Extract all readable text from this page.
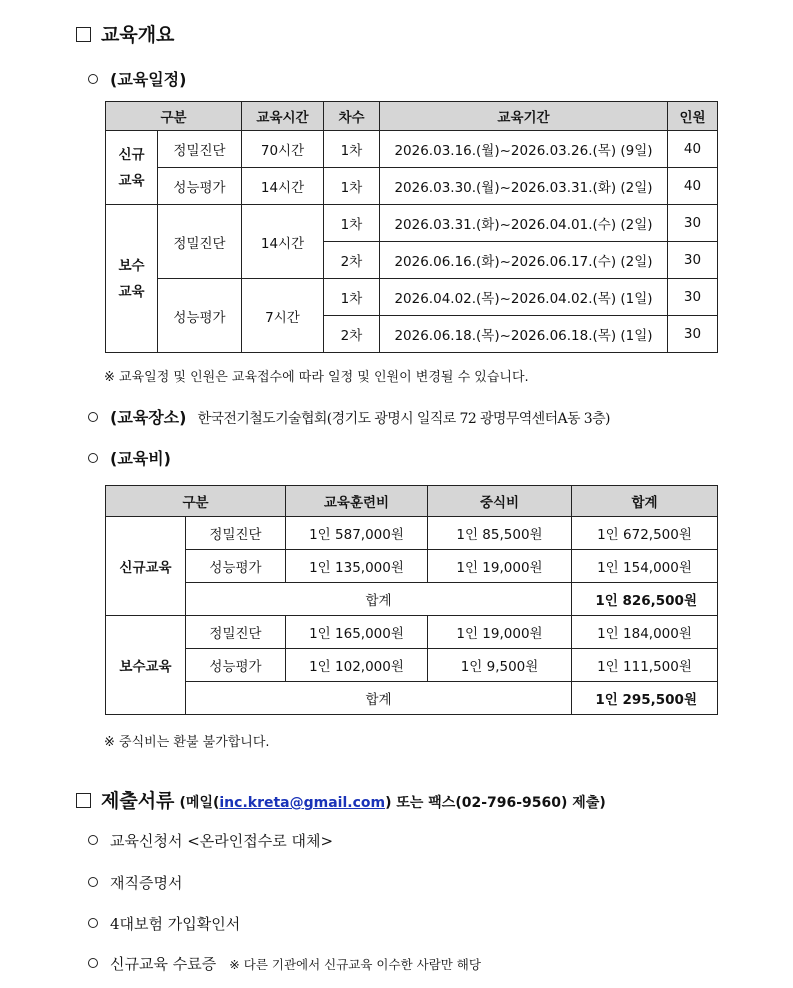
교육개요
(교육일정)
구분		교육시간	차수	교육기간	인원
신규
교육	정밀진단	70시간	1차	2026.03.16.(월)~2026.03.26.(목) (9일)	40
	성능평가	14시간	1차	2026.03.30.(월)~2026.03.31.(화) (2일)	40
보수
교육	정밀진단	14시간	1차	2026.03.31.(화)~2026.04.01.(수) (2일)	30
			2차	2026.06.16.(화)~2026.06.17.(수) (2일)	30
	성능평가	7시간	1차	2026.04.02.(목)~2026.04.02.(목) (1일)	30
			2차	2026.06.18.(목)~2026.06.18.(목) (1일)	30
※ 교육일정 및 인원은 교육접수에 따라 일정 및 인원이 변경될 수 있습니다.
(교육장소) 한국전기철도기술협회(경기도 광명시 일직로 72 광명무역센터A동 3층)
(교육비)
구분		교육훈련비	중식비	합계
신규교육	정밀진단	1인 587,000원	1인 85,500원	1인 672,500원
	성능평가	1인 135,000원	1인 19,000원	1인 154,000원
	합계			1인 826,500원
보수교육	정밀진단	1인 165,000원	1인 19,000원	1인 184,000원
	성능평가	1인 102,000원	1인 9,500원	1인 111,500원
	합계			1인 295,500원
※ 중식비는 환불 불가합니다.
제출서류 (메일(inc.kreta@gmail.com) 또는 팩스(02-796-9560) 제출)
교육신청서 <온라인접수로 대체>
재직증명서
4대보험 가입확인서
신규교육 수료증 ※ 다른 기관에서 신규교육 이수한 사람만 해당
